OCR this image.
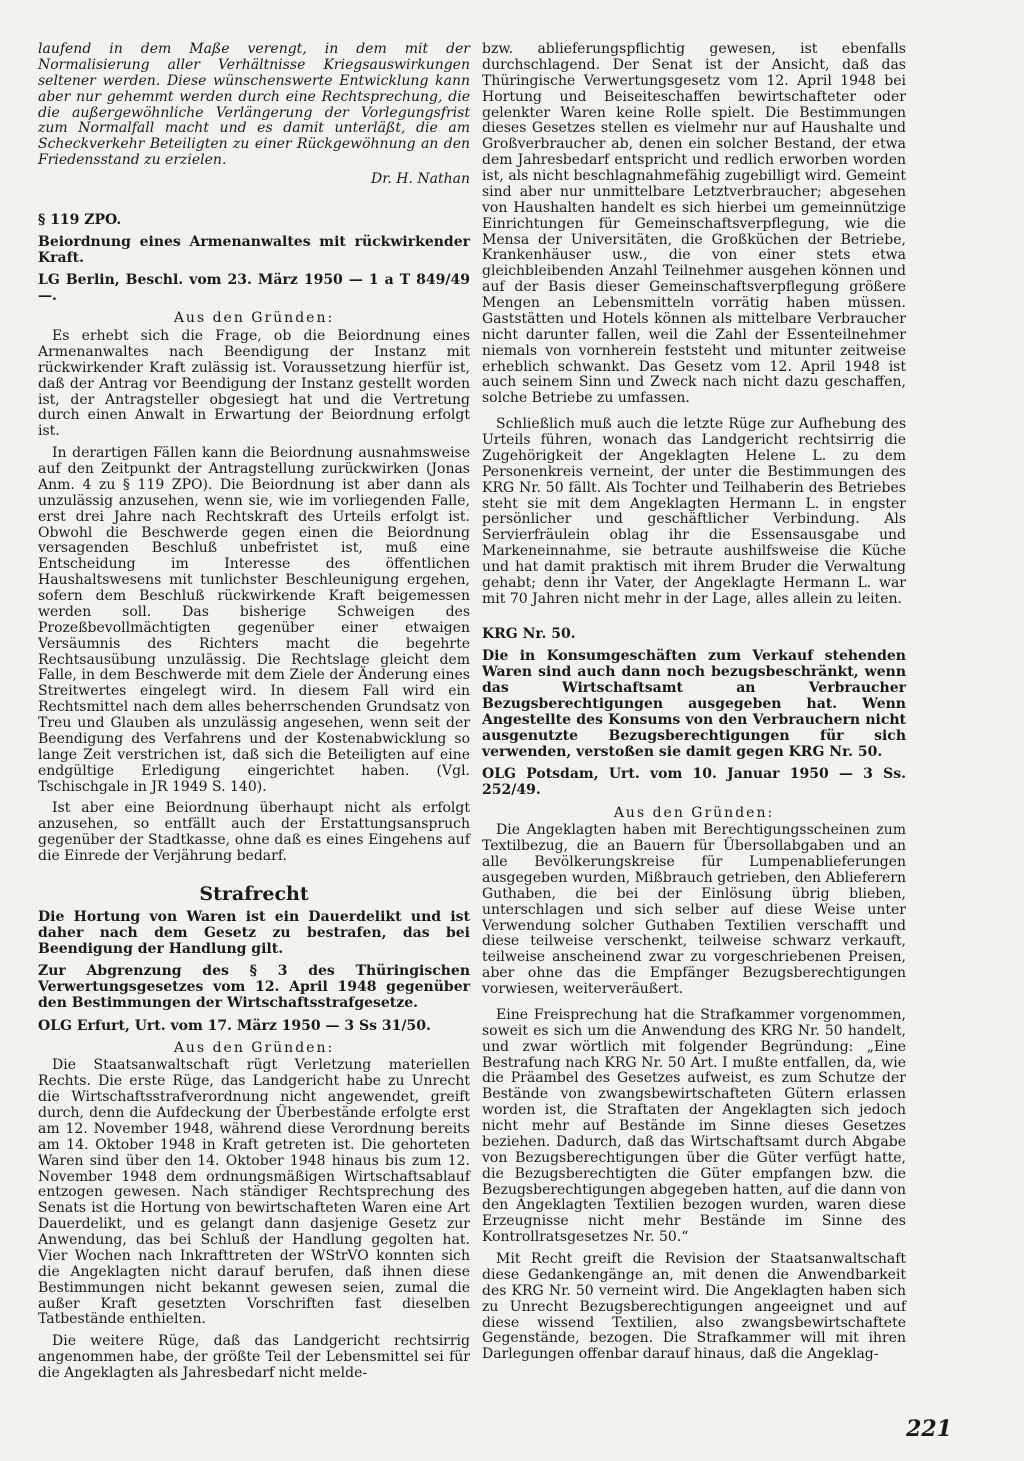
laufend in dem Maße verengt, in dem mit der Normalisierung aller Verhältnisse Kriegsauswirkungen seltener werden. Diese wünschenswerte Entwicklung kann aber nur gehemmt werden durch eine Rechtsprechung, die die außergewöhnliche Verlängerung der Vorlegungsfrist zum Normalfall macht und es damit unterläßt, die am Scheckverkehr Beteiligten zu einer Rückgewöhnung an den Friedensstand zu erzielen.

Dr. H. Nathan

§ 119 ZPO.

Beiordnung eines Armenanwaltes mit rückwirkender Kraft.

LG Berlin, Beschl. vom 23. März 1950 — 1 a T 849/49 —.

Aus den Gründen:

Es erhebt sich die Frage, ob die Beiordnung eines Armenanwaltes nach Beendigung der Instanz mit rückwirkender Kraft zulässig ist. Voraussetzung hierfür ist, daß der Antrag vor Beendigung der Instanz gestellt worden ist, der Antragsteller obgesiegt hat und die Vertretung durch einen Anwalt in Erwartung der Beiordnung erfolgt ist.

In derartigen Fällen kann die Beiordnung ausnahmsweise auf den Zeitpunkt der Antragstellung zurückwirken (Jonas Anm. 4 zu § 119 ZPO). Die Beiordnung ist aber dann als unzulässig anzusehen, wenn sie, wie im vorliegenden Falle, erst drei Jahre nach Rechtskraft des Urteils erfolgt ist. Obwohl die Beschwerde gegen einen die Beiordnung versagenden Beschluß unbefristet ist, muß eine Entscheidung im Interesse des öffentlichen Haushaltswesens mit tunlichster Beschleunigung ergehen, sofern dem Beschluß rückwirkende Kraft beigemessen werden soll. Das bisherige Schweigen des Prozeßbevollmächtigten gegenüber einer etwaigen Versäumnis des Richters macht die begehrte Rechtsausübung unzulässig. Die Rechtslage gleicht dem Falle, in dem Beschwerde mit dem Ziele der Änderung eines Streitwertes eingelegt wird. In diesem Fall wird ein Rechtsmittel nach dem alles beherrschenden Grundsatz von Treu und Glauben als unzulässig angesehen, wenn seit der Beendigung des Verfahrens und der Kostenabwicklung so lange Zeit verstrichen ist, daß sich die Beteiligten auf eine endgültige Erledigung eingerichtet haben. (Vgl. Tschischgale in JR 1949 S. 140).

Ist aber eine Beiordnung überhaupt nicht als erfolgt anzusehen, so entfällt auch der Erstattungsanspruch gegenüber der Stadtkasse, ohne daß es eines Eingehens auf die Einrede der Verjährung bedarf.

Strafrecht

Die Hortung von Waren ist ein Dauerdelikt und ist daher nach dem Gesetz zu bestrafen, das bei Beendigung der Handlung gilt.

Zur Abgrenzung des § 3 des Thüringischen Verwertungsgesetzes vom 12. April 1948 gegenüber den Bestimmungen der Wirtschaftsstrafgesetze.

OLG Erfurt, Urt. vom 17. März 1950 — 3 Ss 31/50.

Aus den Gründen:

Die Staatsanwaltschaft rügt Verletzung materiellen Rechts. Die erste Rüge, das Landgericht habe zu Unrecht die Wirtschaftsstrafverordnung nicht angewendet, greift durch, denn die Aufdeckung der Überbestände erfolgte erst am 12. November 1948, während diese Verordnung bereits am 14. Oktober 1948 in Kraft getreten ist. Die gehorteten Waren sind über den 14. Oktober 1948 hinaus bis zum 12. November 1948 dem ordnungsmäßigen Wirtschaftsablauf entzogen gewesen. Nach ständiger Rechtsprechung des Senats ist die Hortung von bewirtschafteten Waren eine Art Dauerdelikt, und es gelangt dann dasjenige Gesetz zur Anwendung, das bei Schluß der Handlung gegolten hat. Vier Wochen nach Inkrafttreten der WStrVO konnten sich die Angeklagten nicht darauf berufen, daß ihnen diese Bestimmungen nicht bekannt gewesen seien, zumal die außer Kraft gesetzten Vorschriften fast dieselben Tatbestände enthielten.

Die weitere Rüge, daß das Landgericht rechtsirrig angenommen habe, der größte Teil der Lebensmittel sei für die Angeklagten als Jahresbedarf nicht melde-

bzw. ablieferungspflichtig gewesen, ist ebenfalls durchschlagend. Der Senat ist der Ansicht, daß das Thüringische Verwertungsgesetz vom 12. April 1948 bei Hortung und Beiseiteschaffen bewirtschafteter oder gelenkter Waren keine Rolle spielt. Die Bestimmungen dieses Gesetzes stellen es vielmehr nur auf Haushalte und Großverbraucher ab, denen ein solcher Bestand, der etwa dem Jahresbedarf entspricht und redlich erworben worden ist, als nicht beschlagnahmefähig zugebilligt wird. Gemeint sind aber nur unmittelbare Letztverbraucher; abgesehen von Haushalten handelt es sich hierbei um gemeinnützige Einrichtungen für Gemeinschaftsverpflegung, wie die Mensa der Universitäten, die Großküchen der Betriebe, Krankenhäuser usw., die von einer stets etwa gleichbleibenden Anzahl Teilnehmer ausgehen können und auf der Basis dieser Gemeinschaftsverpflegung größere Mengen an Lebensmitteln vorrätig haben müssen. Gaststätten und Hotels können als mittelbare Verbraucher nicht darunter fallen, weil die Zahl der Essenteilnehmer niemals von vornherein feststeht und mitunter zeitweise erheblich schwankt. Das Gesetz vom 12. April 1948 ist auch seinem Sinn und Zweck nach nicht dazu geschaffen, solche Betriebe zu umfassen.

Schließlich muß auch die letzte Rüge zur Aufhebung des Urteils führen, wonach das Landgericht rechtsirrig die Zugehörigkeit der Angeklagten Helene L. zu dem Personenkreis verneint, der unter die Bestimmungen des KRG Nr. 50 fällt. Als Tochter und Teilhaberin des Betriebes steht sie mit dem Angeklagten Hermann L. in engster persönlicher und geschäftlicher Verbindung. Als Servierfräulein oblag ihr die Essensausgabe und Markeneinnahme, sie betraute aushilfsweise die Küche und hat damit praktisch mit ihrem Bruder die Verwaltung gehabt; denn ihr Vater, der Angeklagte Hermann L. war mit 70 Jahren nicht mehr in der Lage, alles allein zu leiten.

KRG Nr. 50.

Die in Konsumgeschäften zum Verkauf stehenden Waren sind auch dann noch bezugsbeschränkt, wenn das Wirtschaftsamt an Verbraucher Bezugsberechtigungen ausgegeben hat. Wenn Angestellte des Konsums von den Verbrauchern nicht ausgenutzte Bezugsberechtigungen für sich verwenden, verstoßen sie damit gegen KRG Nr. 50.

OLG Potsdam, Urt. vom 10. Januar 1950 — 3 Ss. 252/49.

Aus den Gründen:

Die Angeklagten haben mit Berechtigungsscheinen zum Textilbezug, die an Bauern für Übersollabgaben und an alle Bevölkerungskreise für Lumpenablieferungen ausgegeben wurden, Mißbrauch getrieben, den Ablieferern Guthaben, die bei der Einlösung übrig blieben, unterschlagen und sich selber auf diese Weise unter Verwendung solcher Guthaben Textilien verschafft und diese teilweise verschenkt, teilweise schwarz verkauft, teilweise anscheinend zwar zu vorgeschriebenen Preisen, aber ohne das die Empfänger Bezugsberechtigungen vorwiesen, weiterveräußert.

Eine Freisprechung hat die Strafkammer vorgenommen, soweit es sich um die Anwendung des KRG Nr. 50 handelt, und zwar wörtlich mit folgender Begründung: „Eine Bestrafung nach KRG Nr. 50 Art. I mußte entfallen, da, wie die Präambel des Gesetzes aufweist, es zum Schutze der Bestände von zwangsbewirtschafteten Gütern erlassen worden ist, die Straftaten der Angeklagten sich jedoch nicht mehr auf Bestände im Sinne dieses Gesetzes beziehen. Dadurch, daß das Wirtschaftsamt durch Abgabe von Bezugsberechtigungen über die Güter verfügt hatte, die Bezugsberechtigten die Güter empfangen bzw. die Bezugsberechtigungen abgegeben hatten, auf die dann von den Angeklagten Textilien bezogen wurden, waren diese Erzeugnisse nicht mehr Bestände im Sinne des Kontrollratsgesetzes Nr. 50.“

Mit Recht greift die Revision der Staatsanwaltschaft diese Gedankengänge an, mit denen die Anwendbarkeit des KRG Nr. 50 verneint wird. Die Angeklagten haben sich zu Unrecht Bezugsberechtigungen angeeignet und auf diese wissend Textilien, also zwangsbewirtschaftete Gegenstände, bezogen. Die Strafkammer will mit ihren Darlegungen offenbar darauf hinaus, daß die Angeklag-

221
